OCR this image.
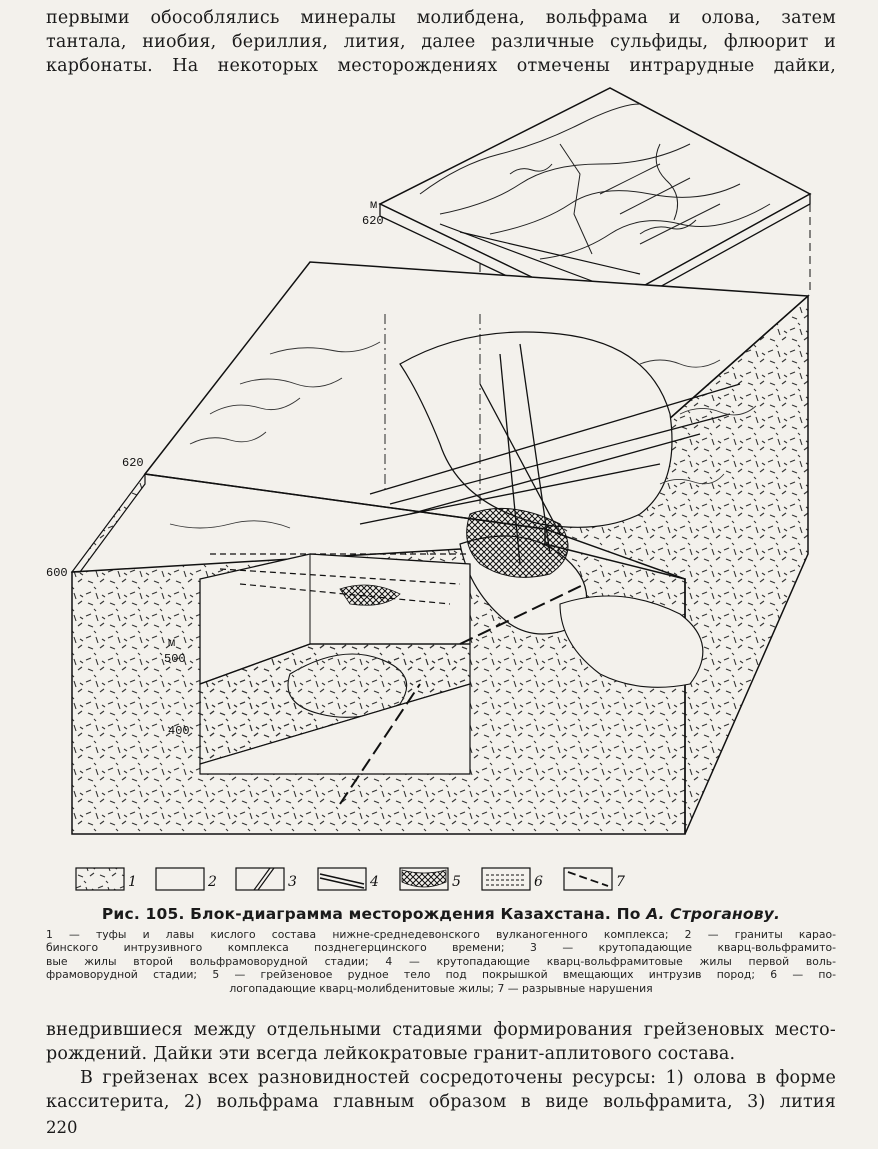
первыми обособлялись минералы молибдена, вольфрама и олова, затем
тантала, ниобия, бериллия, лития, далее различные сульфиды, флюорит и
карбонаты. На некоторых месторождениях отмечены интрарудные дайки,
м
620
620
600
м
500
400
1	2	3	4	5	6	7
Рис. 105. Блок-диаграмма месторождения Казахстана. По А. Строганову.
1 — туфы и лавы кислого состава нижне-среднедевонского вулканогенного комплекса; 2 — граниты карао-
бинского интрузивного комплекса позднегерцинского времени; 3 — крутопадающие кварц-вольфрамито-
вые жилы второй вольфрамоворудной стадии; 4 — крутопадающие кварц-вольфрамитовые жилы первой воль-
фрамоворудной стадии; 5 — грейзеновое рудное тело под покрышкой вмещающих интрузив пород; 6 — по-
логопадающие кварц-молибденитовые жилы; 7 — разрывные нарушения
внедрившиеся между отдельными стадиями формирования грейзеновых место-
рождений. Дайки эти всегда лейкократовые гранит-аплитового состава.
В грейзенах всех разновидностей сосредоточены ресурсы: 1) олова в форме
касситерита, 2) вольфрама главным образом в виде вольфрамита, 3) лития
220
